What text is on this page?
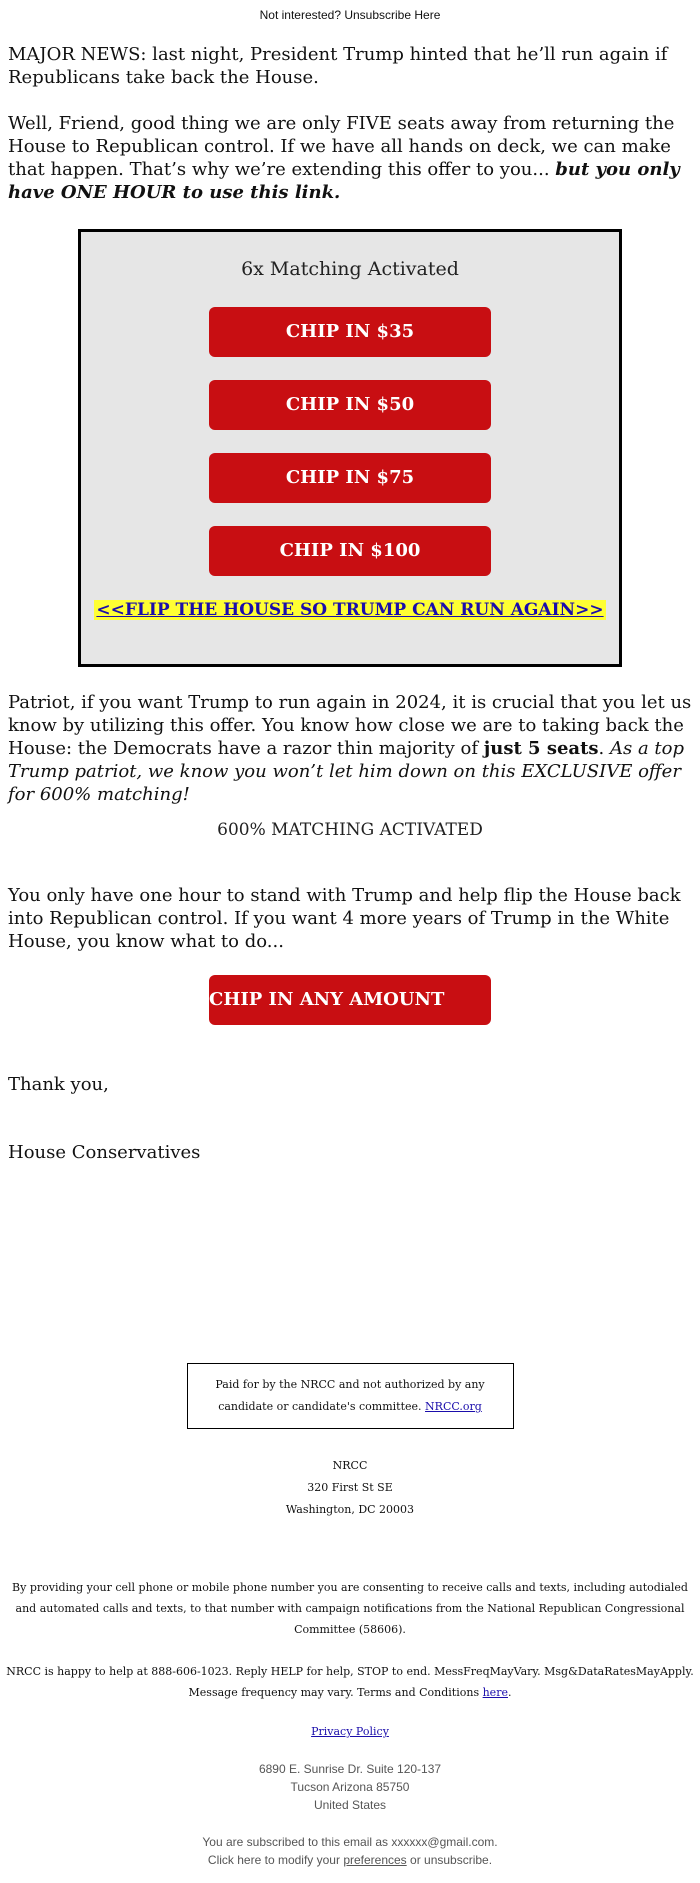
Not interested? Unsubscribe Here

MAJOR NEWS: last night, President Trump hinted that he’ll run again if Republicans take back the House.

Well, Friend, good thing we are only FIVE seats away from returning the House to Republican control. If we have all hands on deck, we can make that happen. That’s why we’re extending this offer to you... but you only have ONE HOUR to use this link.

6x Matching Activated
CHIP IN $35
CHIP IN $50
CHIP IN $75
CHIP IN $100
<<FLIP THE HOUSE SO TRUMP CAN RUN AGAIN>>

Patriot, if you want Trump to run again in 2024, it is crucial that you let us know by utilizing this offer. You know how close we are to taking back the House: the Democrats have a razor thin majority of just 5 seats. As a top Trump patriot, we know you won’t let him down on this EXCLUSIVE offer for 600% matching!

600% MATCHING ACTIVATED

You only have one hour to stand with Trump and help flip the House back into Republican control. If you want 4 more years of Trump in the White House, you know what to do...

CHIP IN ANY AMOUNT
Thank you,
House Conservatives
Paid for by the NRCC and not authorized by any candidate or candidate's committee. NRCC.org
NRCC
320 First St SE
Washington, DC 20003
By providing your cell phone or mobile phone number you are consenting to receive calls and texts, including autodialed and automated calls and texts, to that number with campaign notifications from the National Republican Congressional Committee (58606).
NRCC is happy to help at 888-606-1023. Reply HELP for help, STOP to end. MessFreqMayVary. Msg&DataRatesMayApply. Message frequency may vary. Terms and Conditions here.
Privacy Policy
6890 E. Sunrise Dr. Suite 120-137
Tucson Arizona 85750
United States
You are subscribed to this email as xxxxxx@gmail.com.
Click here to modify your preferences or unsubscribe.
